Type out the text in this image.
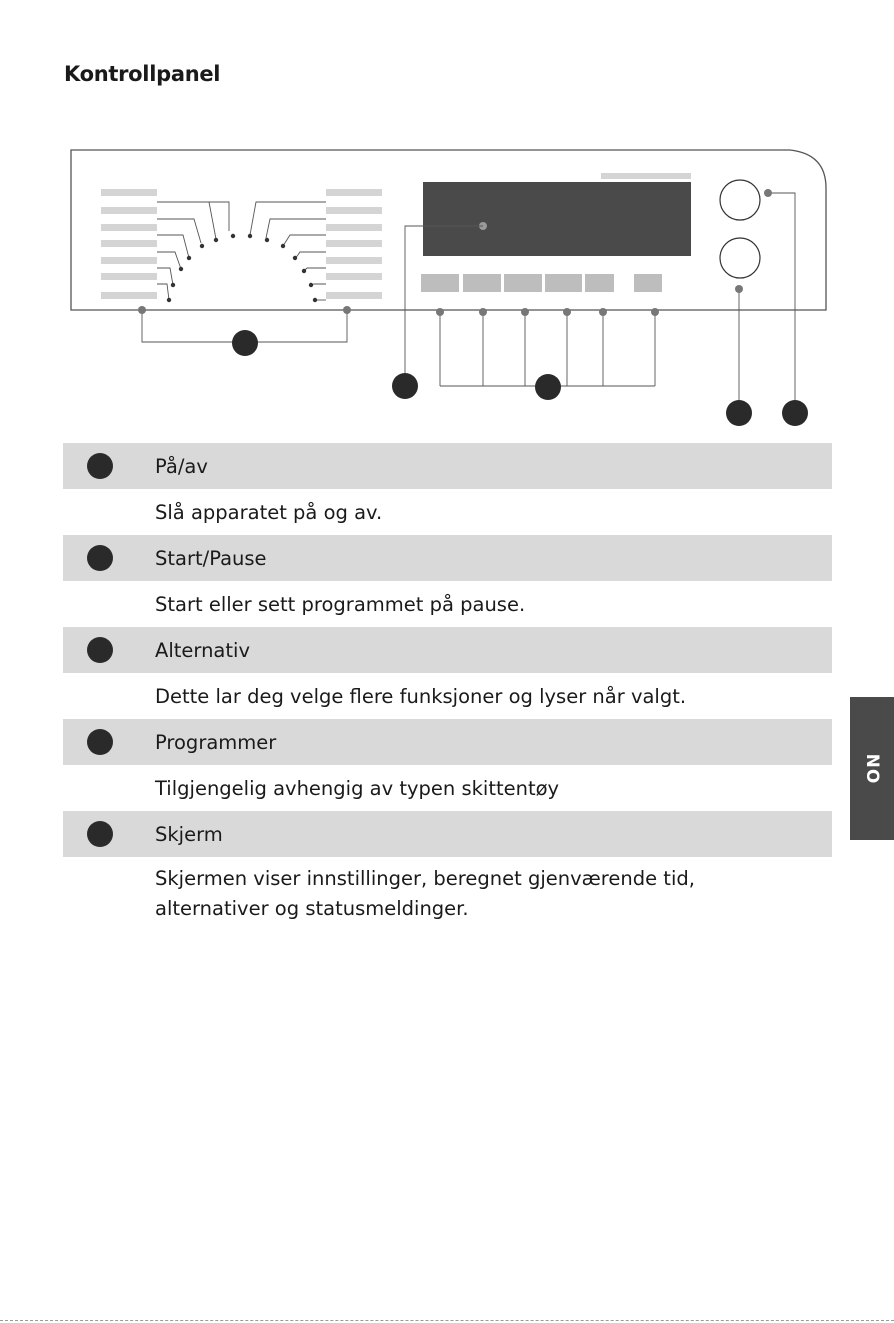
Kontrollpanel
På/av
Slå apparatet på og av.
Start/Pause
Start eller sett programmet på pause.
Alternativ
Dette lar deg velge flere funksjoner og lyser når valgt.
Programmer
Tilgjengelig avhengig av typen skittentøy
Skjerm
Skjermen viser innstillinger, beregnet gjenværende tid, alternativer og statusmeldinger.
NO
